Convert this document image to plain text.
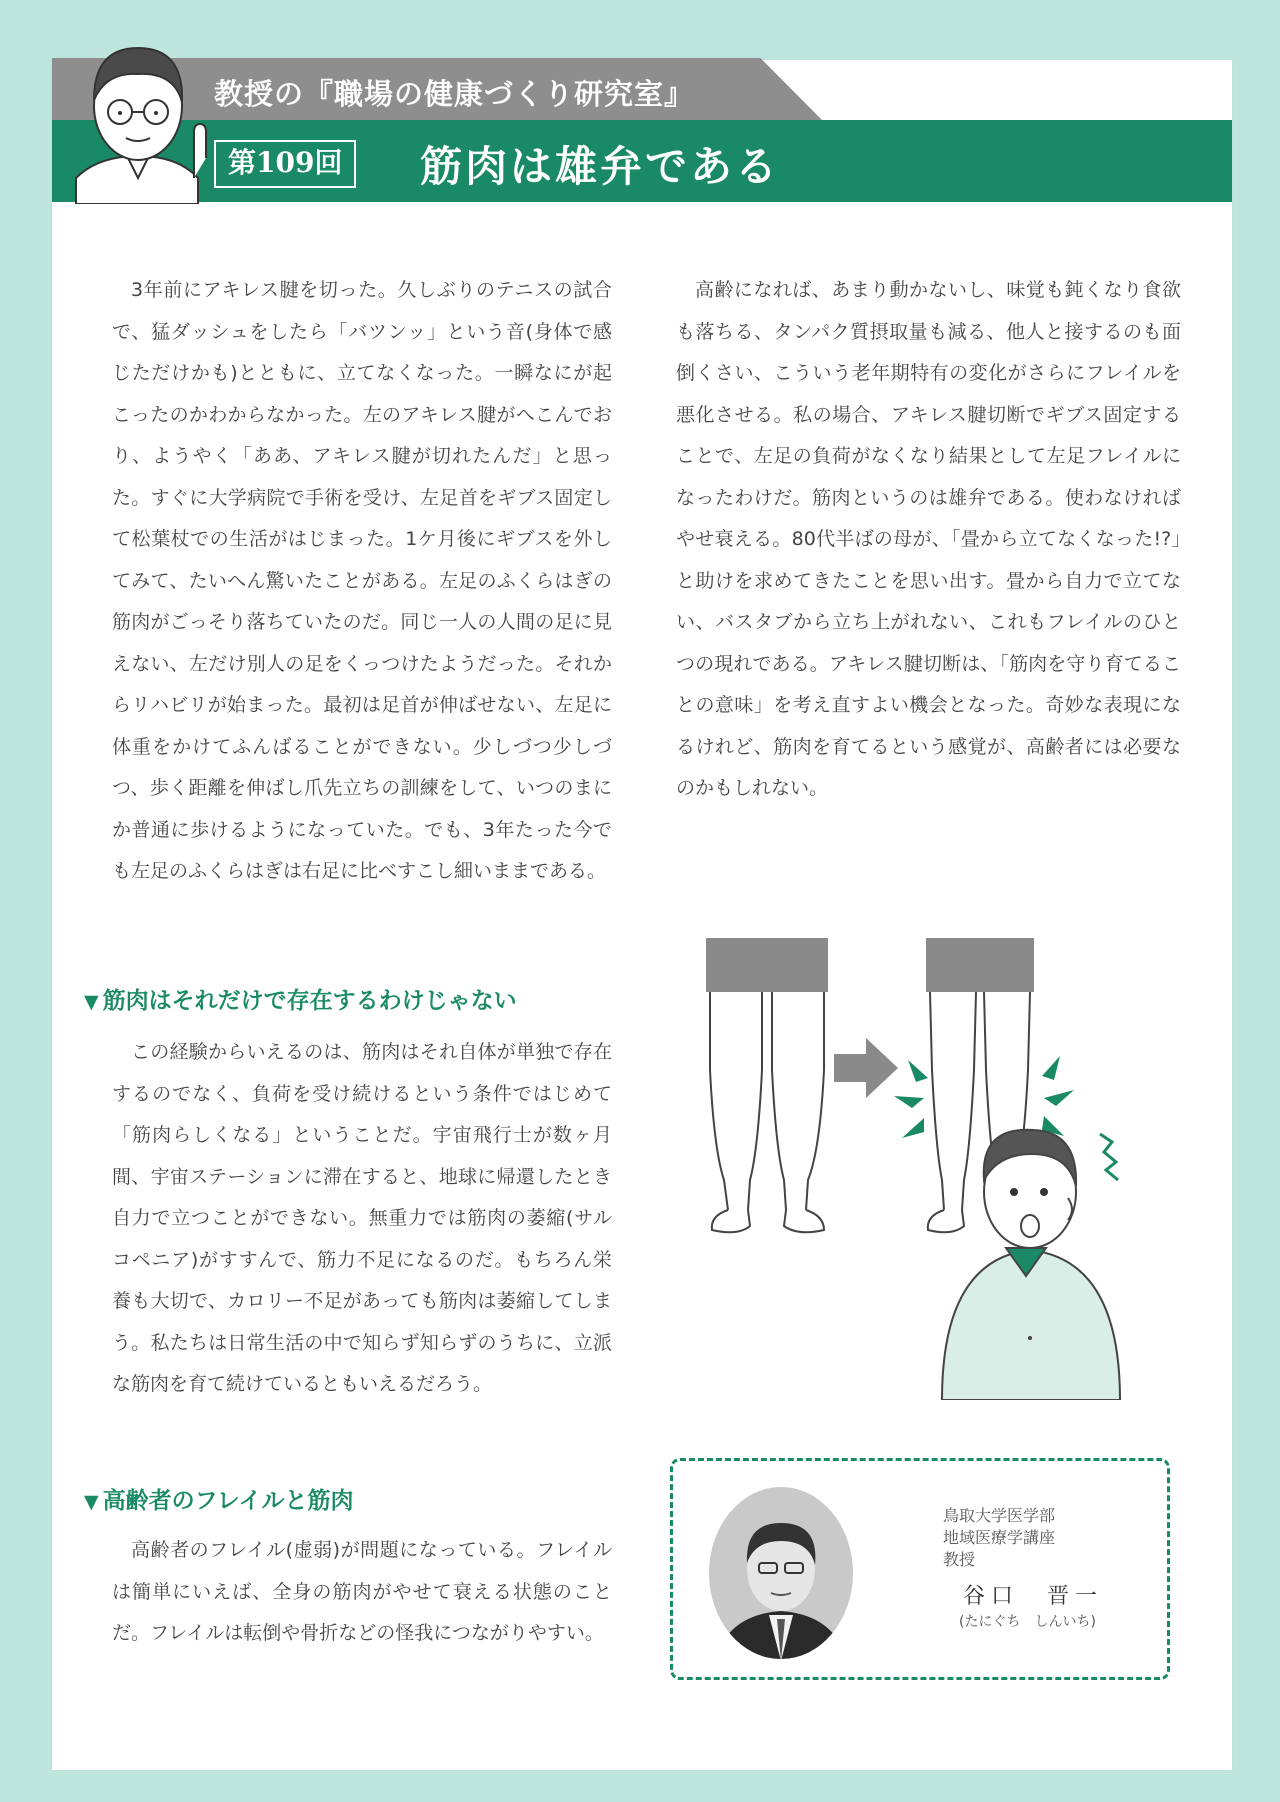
教授の『職場の健康づくり研究室』
第109回	筋肉は雄弁である

3年前にアキレス腱を切った。久しぶりのテニスの試合で、猛ダッシュをしたら「バツンッ」という音(身体で感じただけかも)とともに、立てなくなった。一瞬なにが起こったのかわからなかった。左のアキレス腱がへこんでおり、ようやく「ああ、アキレス腱が切れたんだ」と思った。すぐに大学病院で手術を受け、左足首をギブス固定して松葉杖での生活がはじまった。1ケ月後にギブスを外してみて、たいへん驚いたことがある。左足のふくらはぎの筋肉がごっそり落ちていたのだ。同じ一人の人間の足に見えない、左だけ別人の足をくっつけたようだった。それからリハビリが始まった。最初は足首が伸ばせない、左足に体重をかけてふんばることができない。少しづつ少しづつ、歩く距離を伸ばし爪先立ちの訓練をして、いつのまにか普通に歩けるようになっていた。でも、3年たった今でも左足のふくらはぎは右足に比べすこし細いままである。

▼ 筋肉はそれだけで存在するわけじゃない

この経験からいえるのは、筋肉はそれ自体が単独で存在するのでなく、負荷を受け続けるという条件ではじめて「筋肉らしくなる」ということだ。宇宙飛行士が数ヶ月間、宇宙ステーションに滞在すると、地球に帰還したとき自力で立つことができない。無重力では筋肉の萎縮(サルコペニア)がすすんで、筋力不足になるのだ。もちろん栄養も大切で、カロリー不足があっても筋肉は萎縮してしまう。私たちは日常生活の中で知らず知らずのうちに、立派な筋肉を育て続けているともいえるだろう。

▼ 高齢者のフレイルと筋肉

高齢者のフレイル(虚弱)が問題になっている。フレイルは簡単にいえば、全身の筋肉がやせて衰える状態のことだ。フレイルは転倒や骨折などの怪我につながりやすい。

高齢になれば、あまり動かないし、味覚も鈍くなり食欲も落ちる、タンパク質摂取量も減る、他人と接するのも面倒くさい、こういう老年期特有の変化がさらにフレイルを悪化させる。私の場合、アキレス腱切断でギブス固定することで、左足の負荷がなくなり結果として左足フレイルになったわけだ。筋肉というのは雄弁である。使わなければやせ衰える。80代半ばの母が、「畳から立てなくなった!?」と助けを求めてきたことを思い出す。畳から自力で立てない、バスタブから立ち上がれない、これもフレイルのひとつの現れである。アキレス腱切断は、「筋肉を守り育てることの意味」を考え直すよい機会となった。奇妙な表現になるけれど、筋肉を育てるという感覚が、高齢者には必要なのかもしれない。

鳥取大学医学部
地域医療学講座
教授
谷口　晋一
(たにぐち　しんいち)
